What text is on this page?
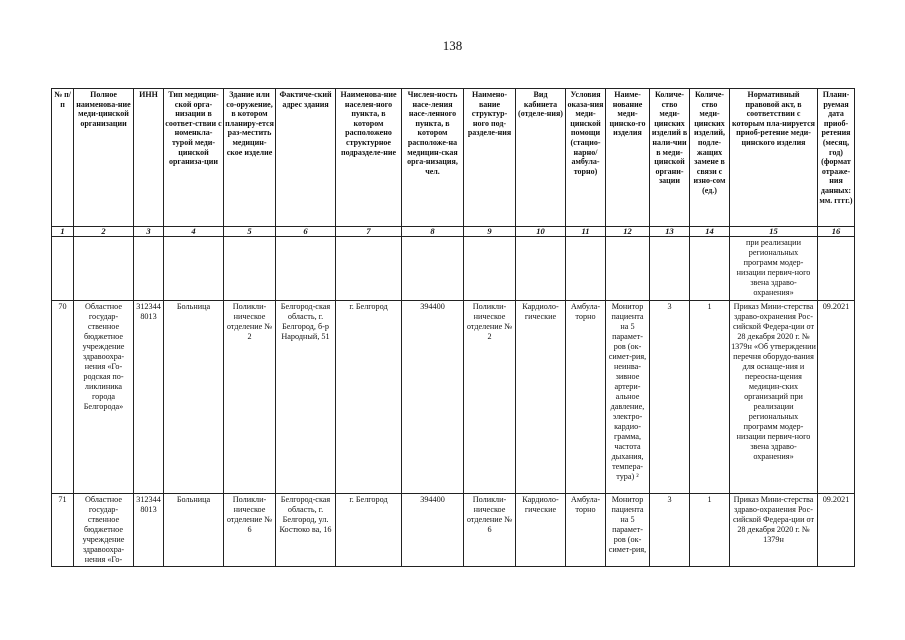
138
№ п/п	Полное наименова-ние меди-цинской организации	ИНН	Тип медицин-ской орга-низации в соответ-ствии с номенкла-турой меди-цинской организа-ции	Здание или со-оружение, в котором планиру-ется раз-местить медицин-ское изделие	Фактиче-ский адрес здания	Наименова-ние населен-ного пункта, в котором расположено структурное подразделе-ние	Числен-ность насе-ления насе-ленного пункта, в котором расположе-на медицин-ская орга-низация, чел.	Наимено-вание структур-ного под-разделе-ния	Вид кабинета (отделе-ния)	Условия оказа-ния меди-цинской помощи (стацио-нарно/ амбула-торно)	Наиме-нование меди-цинско-го изделия	Количе-ство меди-цинских изделий в нали-чии в меди-цинской органи-зации	Количе-ство меди-цинских изделий, подле-жащих замене в связи с изно-сом (ед.)	Нормативный правовой акт, в соответствии с которым пла-нируется приоб-ретение меди-цинского изделия	Плани-руемая дата приоб-ретения (месяц, год) (формат отраже-ния данных: мм. гггг.)
1	2	3	4	5	6	7	8	9	10	11	12	13	14	15	16
														при реализации региональных программ модер-низации первич-ного звена здраво-охранения»	
70	Областное государ-ственное бюджетное учреждение здравоохра-нения «Го-родская по-ликлиника города Белгорода»	312344 8013	Больница	Поликли-ническое отделение № 2	Белгород-ская область, г. Белгород, б-р Народный, 51	г. Белгород	394400	Поликли-ническое отделение № 2	Кардиоло-гические	Амбула-торно	Монитор пациента на 5 парамет-ров (ок-симет-рия, неинва-зивное артери-альное давление, электро-кардио-грамма, частота дыхания, темпера-тура) ²	3	1	Приказ Мини-стерства здраво-охранения Рос-сийской Федера-ции от 28 декабря 2020 г. № 1379н «Об утверждении перечня оборудо-вания для оснаще-ния и переосна-щения медицин-ских организаций при реализации региональных программ модер-низации первич-ного звена здраво-охранения»	09.2021
71	Областное государ-ственное бюджетное учреждение здравоохра-нения «Го-	312344 8013	Больница	Поликли-ническое отделение № 6	Белгород-ская область, г. Белгород, ул. Костюко ва, 16	г. Белгород	394400	Поликли-ническое отделение № 6	Кардиоло-гические	Амбула-торно	Монитор пациента на 5 парамет-ров (ок-симет-рия,	3	1	Приказ Мини-стерства здраво-охранения Рос-сийской Федера-ции от 28 декабря 2020 г. № 1379н	09.2021
